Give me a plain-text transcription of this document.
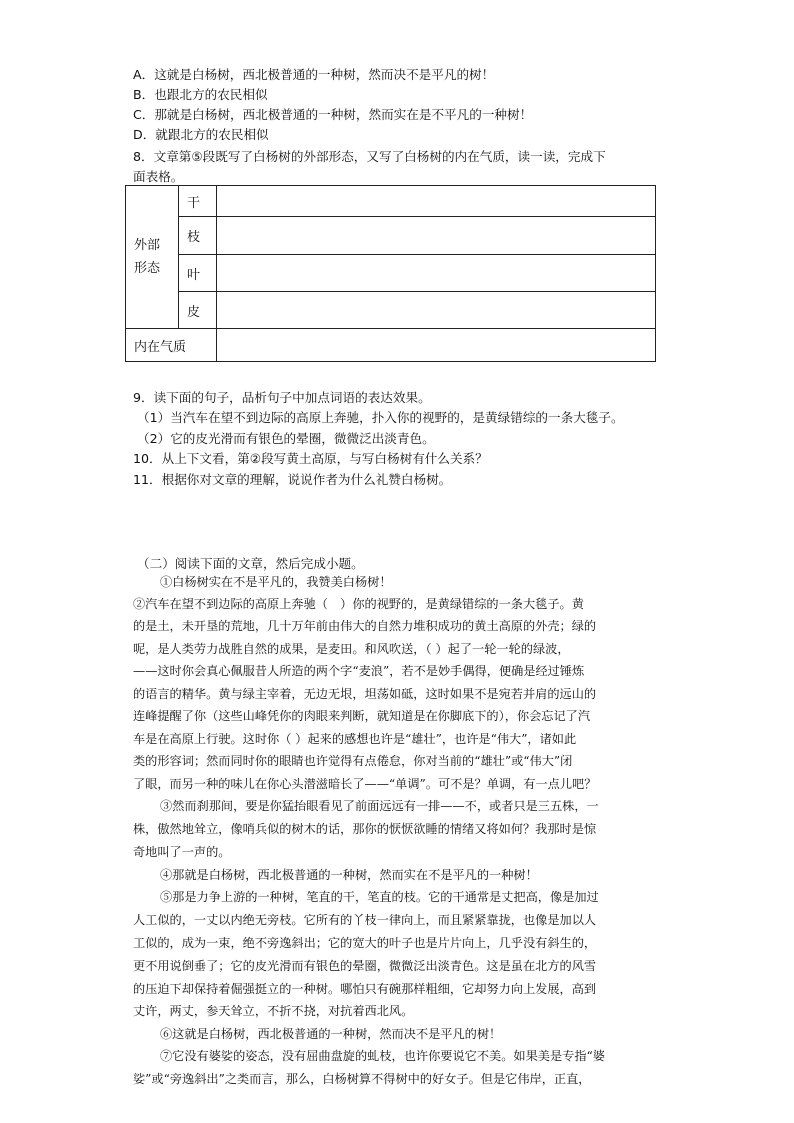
A．这就是白杨树，西北极普通的一种树，然而决不是平凡的树！
B．也跟北方的农民相似
C．那就是白杨树，西北极普通的一种树，然而实在是不平凡的一种树！
D．就跟北方的农民相似
8．文章第⑤段既写了白杨树的外部形态，又写了白杨树的内在气质，读一读，完成下
面表格。
外部
形态	干	
	枝	
	叶	
	皮	
内在气质		
9．读下面的句子，品析句子中加点词语的表达效果。
（1）当汽车在望不到边际的高原上奔驰，扑入你的视野的，是黄绿错综的一条大毯子。
（2）它的皮光滑而有银色的晕圈，微微泛出淡青色。
10．从上下文看，第②段写黄土高原，与写白杨树有什么关系？
11．根据你对文章的理解，说说作者为什么礼赞白杨树。
（二）阅读下面的文章，然后完成小题。
①白杨树实在不是平凡的，我赞美白杨树！
②汽车在望不到边际的高原上奔驰（　）你的视野的，是黄绿错综的一条大毯子。黄
的是土，未开垦的荒地，几十万年前由伟大的自然力堆积成功的黄土高原的外壳；绿的
呢，是人类劳力战胜自然的成果，是麦田。和风吹送，（ ）起了一轮一轮的绿波，
——这时你会真心佩服昔人所造的两个字“麦浪”，若不是妙手偶得，便确是经过锤炼
的语言的精华。黄与绿主宰着，无边无垠，坦荡如砥，这时如果不是宛若并肩的远山的
连峰提醒了你（这些山峰凭你的肉眼来判断，就知道是在你脚底下的），你会忘记了汽
车是在高原上行驶。这时你（ ）起来的感想也许是“雄壮”，也许是“伟大”，诸如此
类的形容词；然而同时你的眼睛也许觉得有点倦怠，你对当前的“雄壮”或“伟大”闭
了眼，而另一种的味儿在你心头潜滋暗长了——“单调”。可不是？单调，有一点儿吧？
③然而刹那间，要是你猛抬眼看见了前面远远有一排——不，或者只是三五株，一
株，傲然地耸立，像哨兵似的树木的话，那你的恹恹欲睡的情绪又将如何？我那时是惊
奇地叫了一声的。
④那就是白杨树，西北极普通的一种树，然而实在不是平凡的一种树！
⑤那是力争上游的一种树，笔直的干，笔直的枝。它的干通常是丈把高，像是加过
人工似的，一丈以内绝无旁枝。它所有的丫枝一律向上，而且紧紧靠拢，也像是加以人
工似的，成为一束，绝不旁逸斜出；它的宽大的叶子也是片片向上，几乎没有斜生的，
更不用说倒垂了；它的皮光滑而有银色的晕圈，微微泛出淡青色。这是虽在北方的风雪
的压迫下却保持着倔强挺立的一种树。哪怕只有碗那样粗细，它却努力向上发展，高到
丈许，两丈，参天耸立，不折不挠，对抗着西北风。
⑥这就是白杨树，西北极普通的一种树，然而决不是平凡的树！
⑦它没有婆娑的姿态，没有屈曲盘旋的虬枝，也许你要说它不美。如果美是专指“婆
娑”或“旁逸斜出”之类而言，那么，白杨树算不得树中的好女子。但是它伟岸，正直，
